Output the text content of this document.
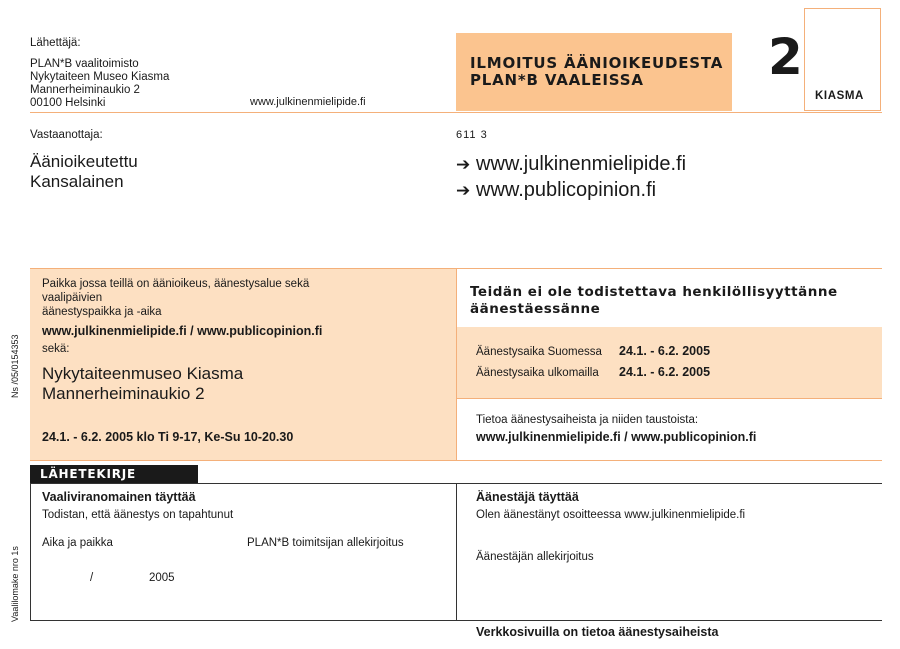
Lähettäjä:
PLAN*B vaalitoimisto
Nykytaiteen Museo Kiasma
Mannerheiminaukio 2
00100 Helsinki	www.julkinenmielipide.fi
ILMOITUS ÄÄNIOIKEUDESTA
PLAN*B VAALEISSA	2
KIASMA
Vastaanottaja:
Äänioikeutettu
Kansalainen
611 3
➔ www.julkinenmielipide.fi
➔ www.publicopinion.fi
Paikka jossa teillä on äänioikeus, äänestysalue sekä vaalipäivien
äänestyspaikka ja -aika
www.julkinenmielipide.fi / www.publicopinion.fi
sekä:
Nykytaiteenmuseo Kiasma
Mannerheiminaukio 2
24.1. - 6.2. 2005 klo Ti 9-17, Ke-Su 10-20.30
Teidän ei ole todistettava henkilöllisyyttänne
äänestäessänne
Äänestysaika Suomessa 24.1. - 6.2. 2005
Äänestysaika ulkomailla 24.1. - 6.2. 2005
Tietoa äänestysaiheista ja niiden taustoista:
www.julkinenmielipide.fi / www.publicopinion.fi
LÄHETEKIRJE
Vaaliviranomainen täyttää
Todistan, että äänestys on tapahtunut
Aika ja paikka	PLAN*B toimitsijan allekirjoitus
/	2005
Äänestäjä täyttää
Olen äänestänyt osoitteessa www.julkinenmielipide.fi
Äänestäjän allekirjoitus
Verkkosivuilla on tietoa äänestysaiheista
Ns /05/0154353
Vaalilomake nro 1s
